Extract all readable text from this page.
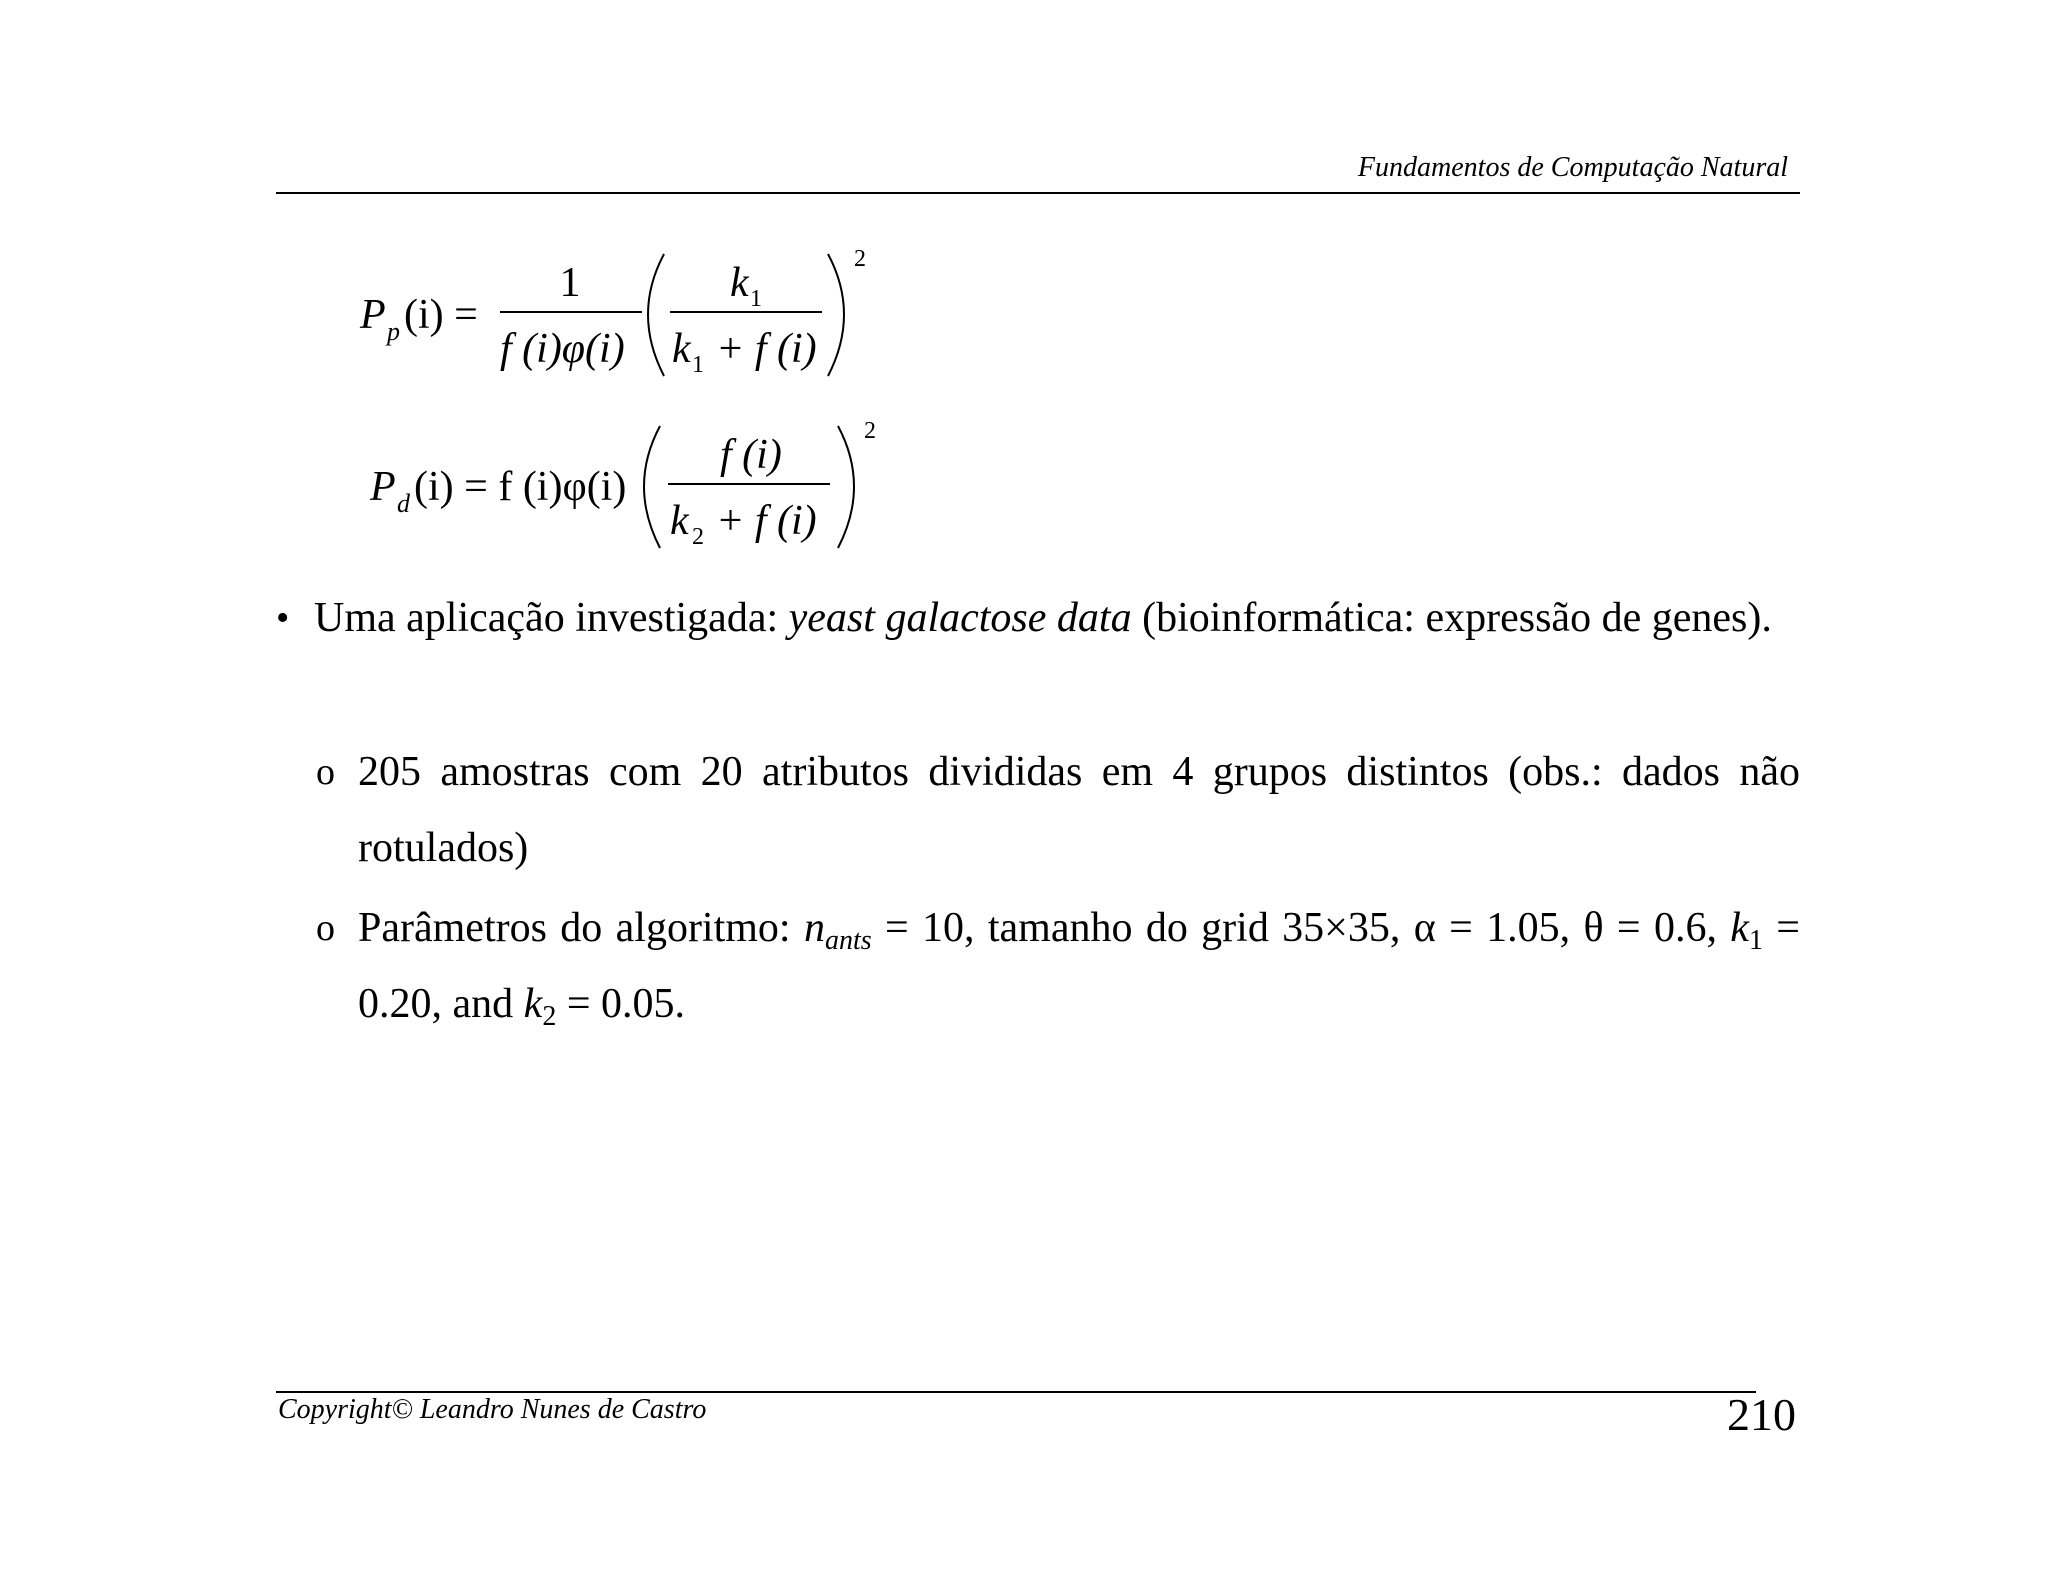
Fundamentos de Computação Natural
P p (i) =
1
f (i)φ(i)
k 1
k 1 + f (i)
2
P d (i) = f (i)φ(i)
f (i)
k 2 + f (i)
2
• Uma aplicação investigada: yeast galactose data (bioinformática: expressão de genes).
o 205 amostras com 20 atributos divididas em 4 grupos distintos (obs.: dados não rotulados)
o Parâmetros do algoritmo: $n_{ants} = 10$, tamanho do grid 35×35, α = 1.05, θ = 0.6, $k_1 = 0.20$, and $k_2 = 0.05$.
Copyright© Leandro Nunes de Castro	210
